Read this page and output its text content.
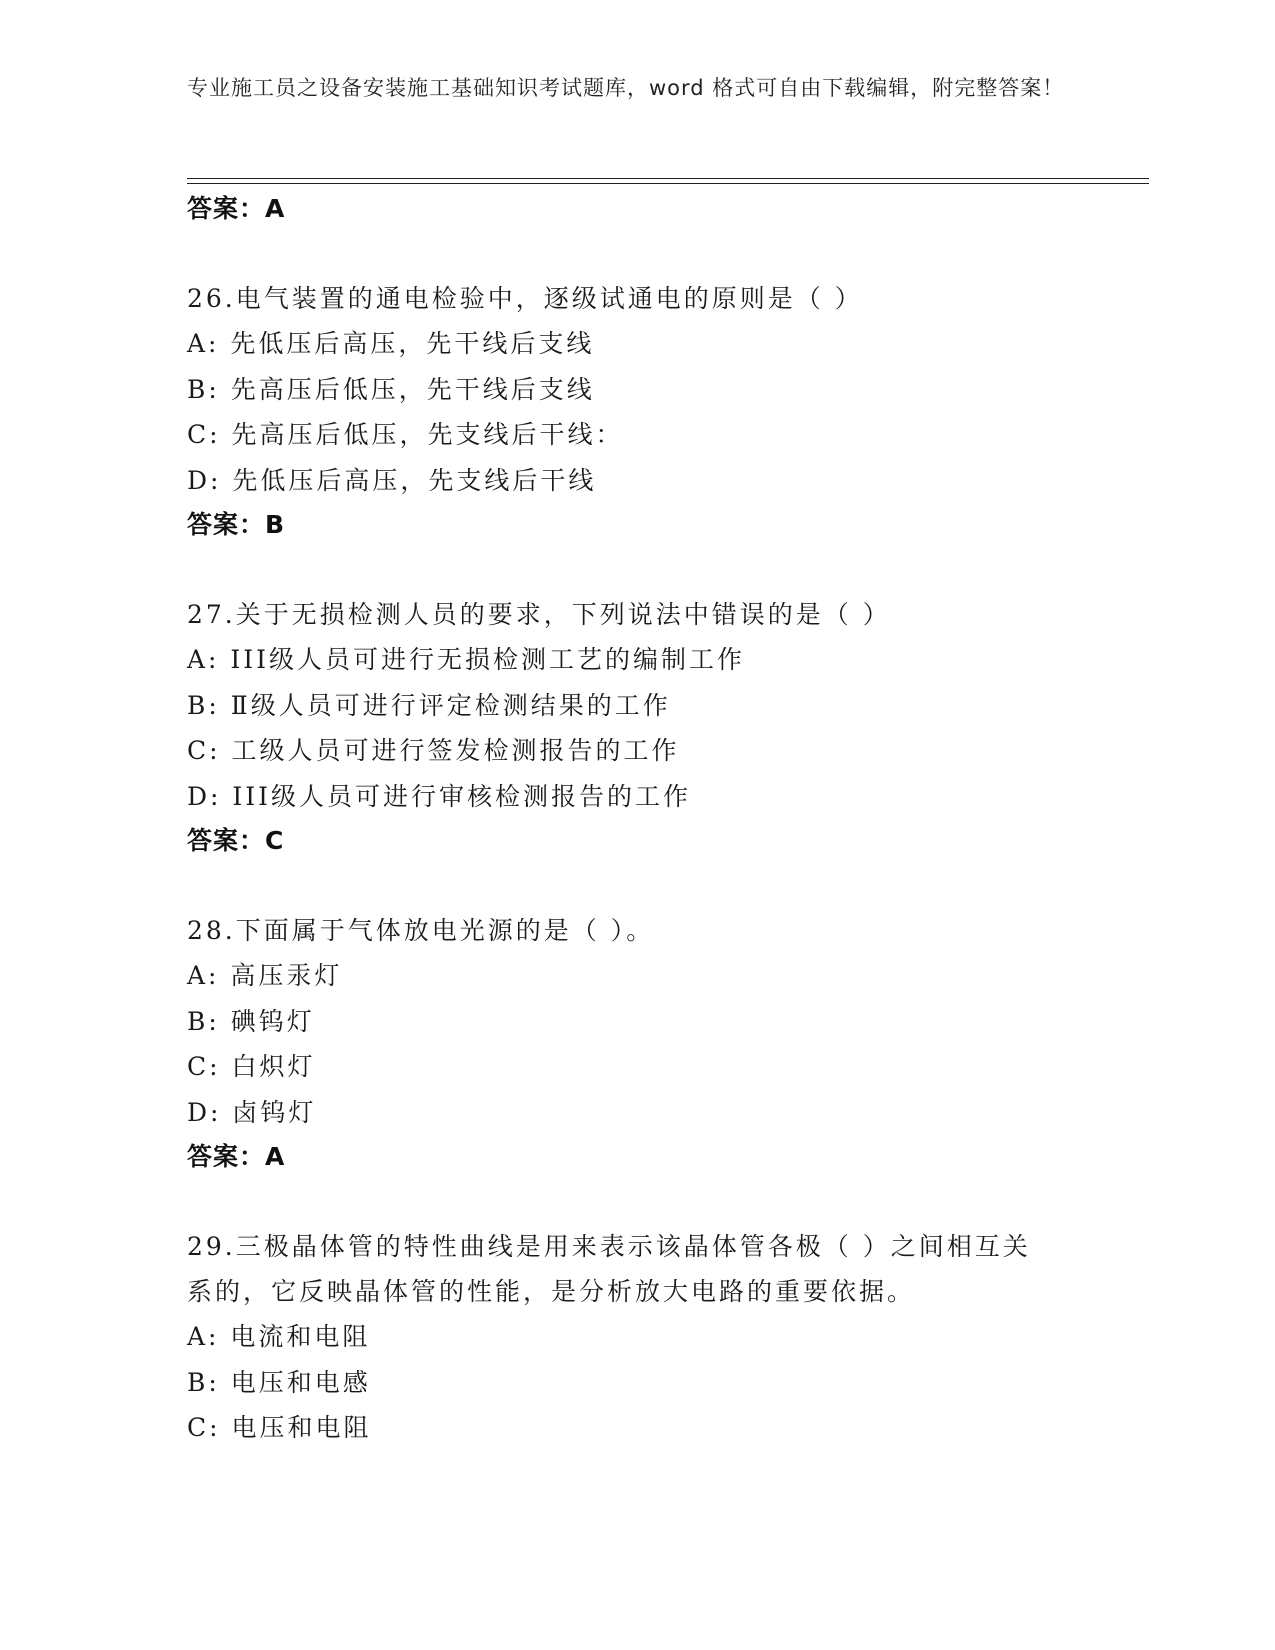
专业施工员之设备安装施工基础知识考试题库，word 格式可自由下载编辑，附完整答案！
答案：A

26.电气装置的通电检验中，逐级试通电的原则是（ ）

A: 先低压后高压，先干线后支线

B: 先高压后低压，先干线后支线

C: 先高压后低压，先支线后干线：

D: 先低压后高压，先支线后干线

答案：B

27.关于无损检测人员的要求，下列说法中错误的是（ ）

A: III级人员可进行无损检测工艺的编制工作

B: Ⅱ级人员可进行评定检测结果的工作

C: 工级人员可进行签发检测报告的工作

D: III级人员可进行审核检测报告的工作

答案：C

28.下面属于气体放电光源的是（ ）。

A: 高压汞灯

B: 碘钨灯

C: 白炽灯

D: 卤钨灯

答案：A

29.三极晶体管的特性曲线是用来表示该晶体管各极（ ）之间相互关系的，它反映晶体管的性能，是分析放大电路的重要依据。

A: 电流和电阻

B: 电压和电感

C: 电压和电阻
